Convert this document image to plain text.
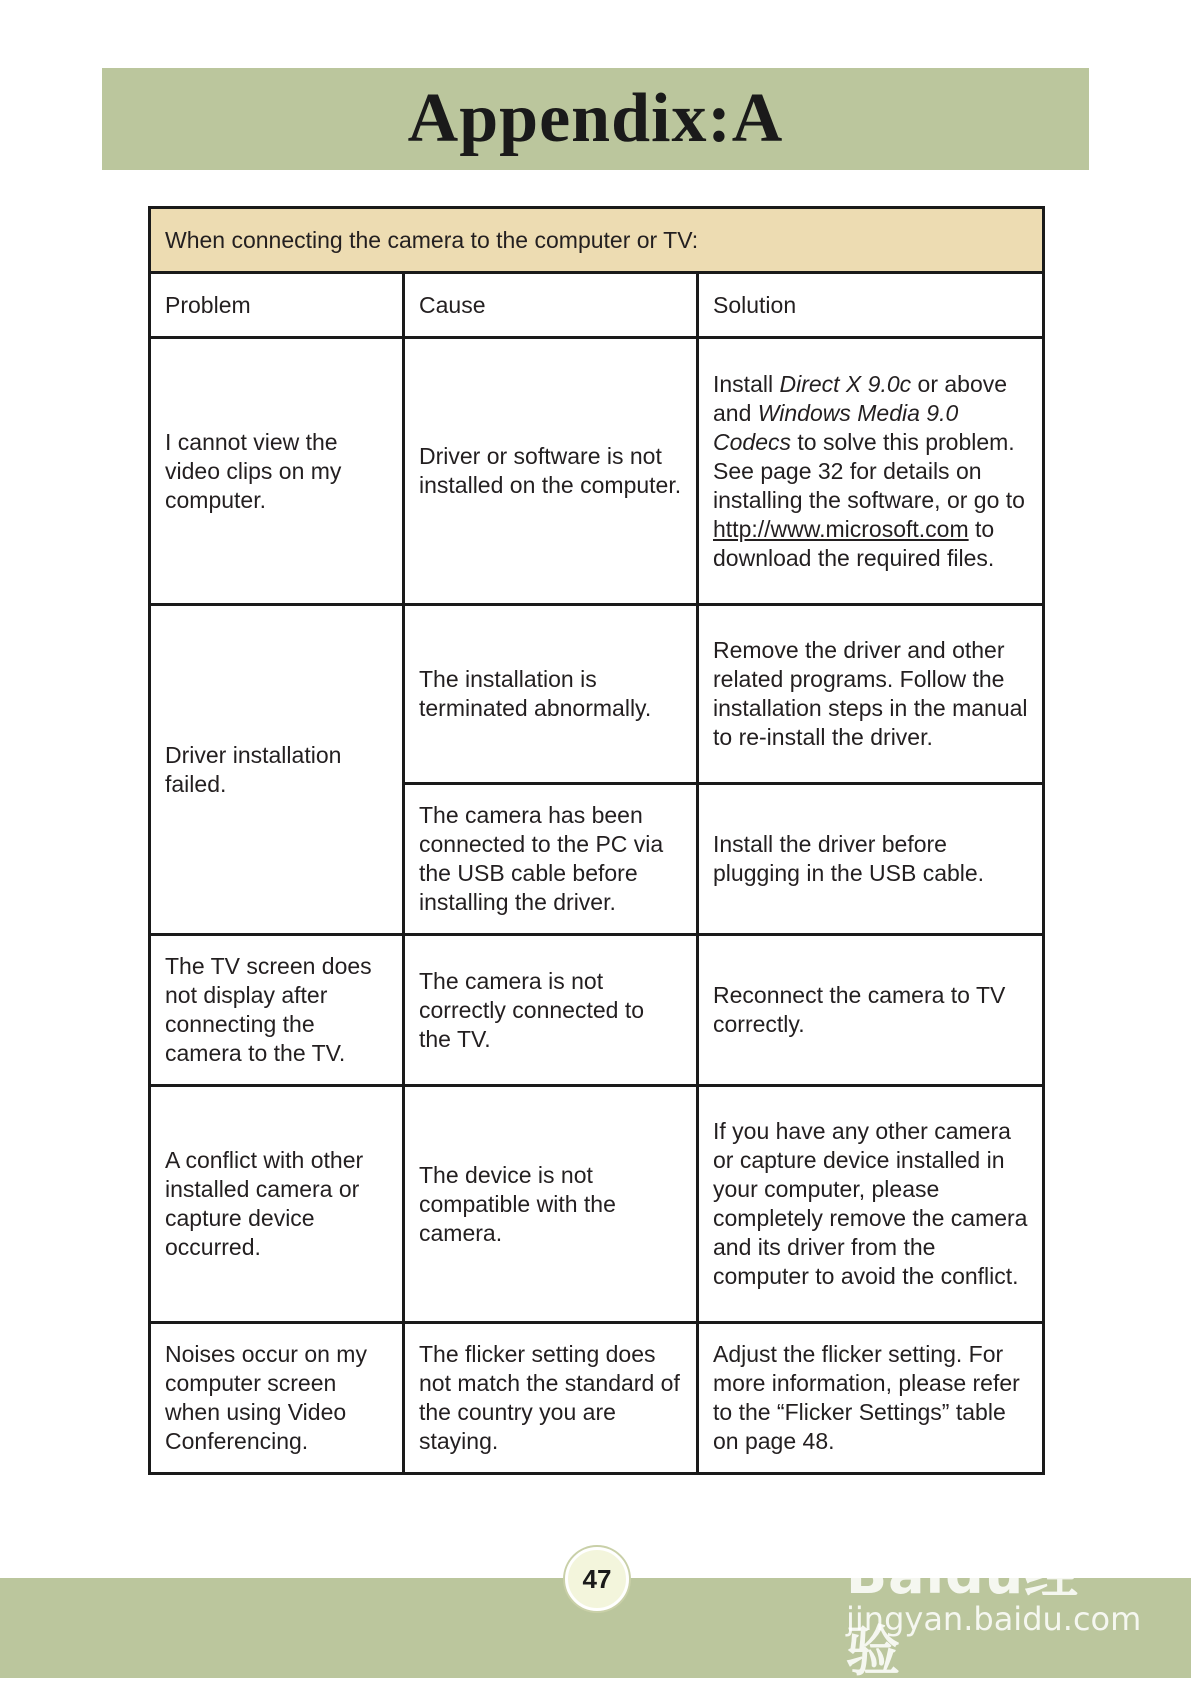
Appendix:A
When connecting the camera to the computer or TV:		
Problem	Cause	Solution
I cannot view the video clips on my computer.	Driver or software is not installed on the computer.	Install Direct X 9.0c or above and Windows Media 9.0 Codecs to solve this problem. See page 32 for details on installing the software, or go to http://www.microsoft.com to download the required files.
Driver installation failed.	The installation is terminated abnormally.	Remove the driver and other related programs. Follow the installation steps in the manual to re-install the driver.
	The camera has been connected to the PC via the USB cable before installing the driver.	Install the driver before plugging in the USB cable.
The TV screen does not display after connecting the camera to the TV.	The camera is not correctly connected to the TV.	Reconnect the camera to TV correctly.
A conflict with other installed camera or capture device occurred.	The device is not compatible with the camera.	If you have any other camera or capture device installed in your computer, please completely remove the camera and its driver from the computer to avoid the conflict.
Noises occur on my computer screen when using Video Conferencing.	The flicker setting does not match the standard of the country you are staying.	Adjust the flicker setting. For more information, please refer to the “Flicker Settings” table on page 48.
47	Baidu经验
jingyan.baidu.com
